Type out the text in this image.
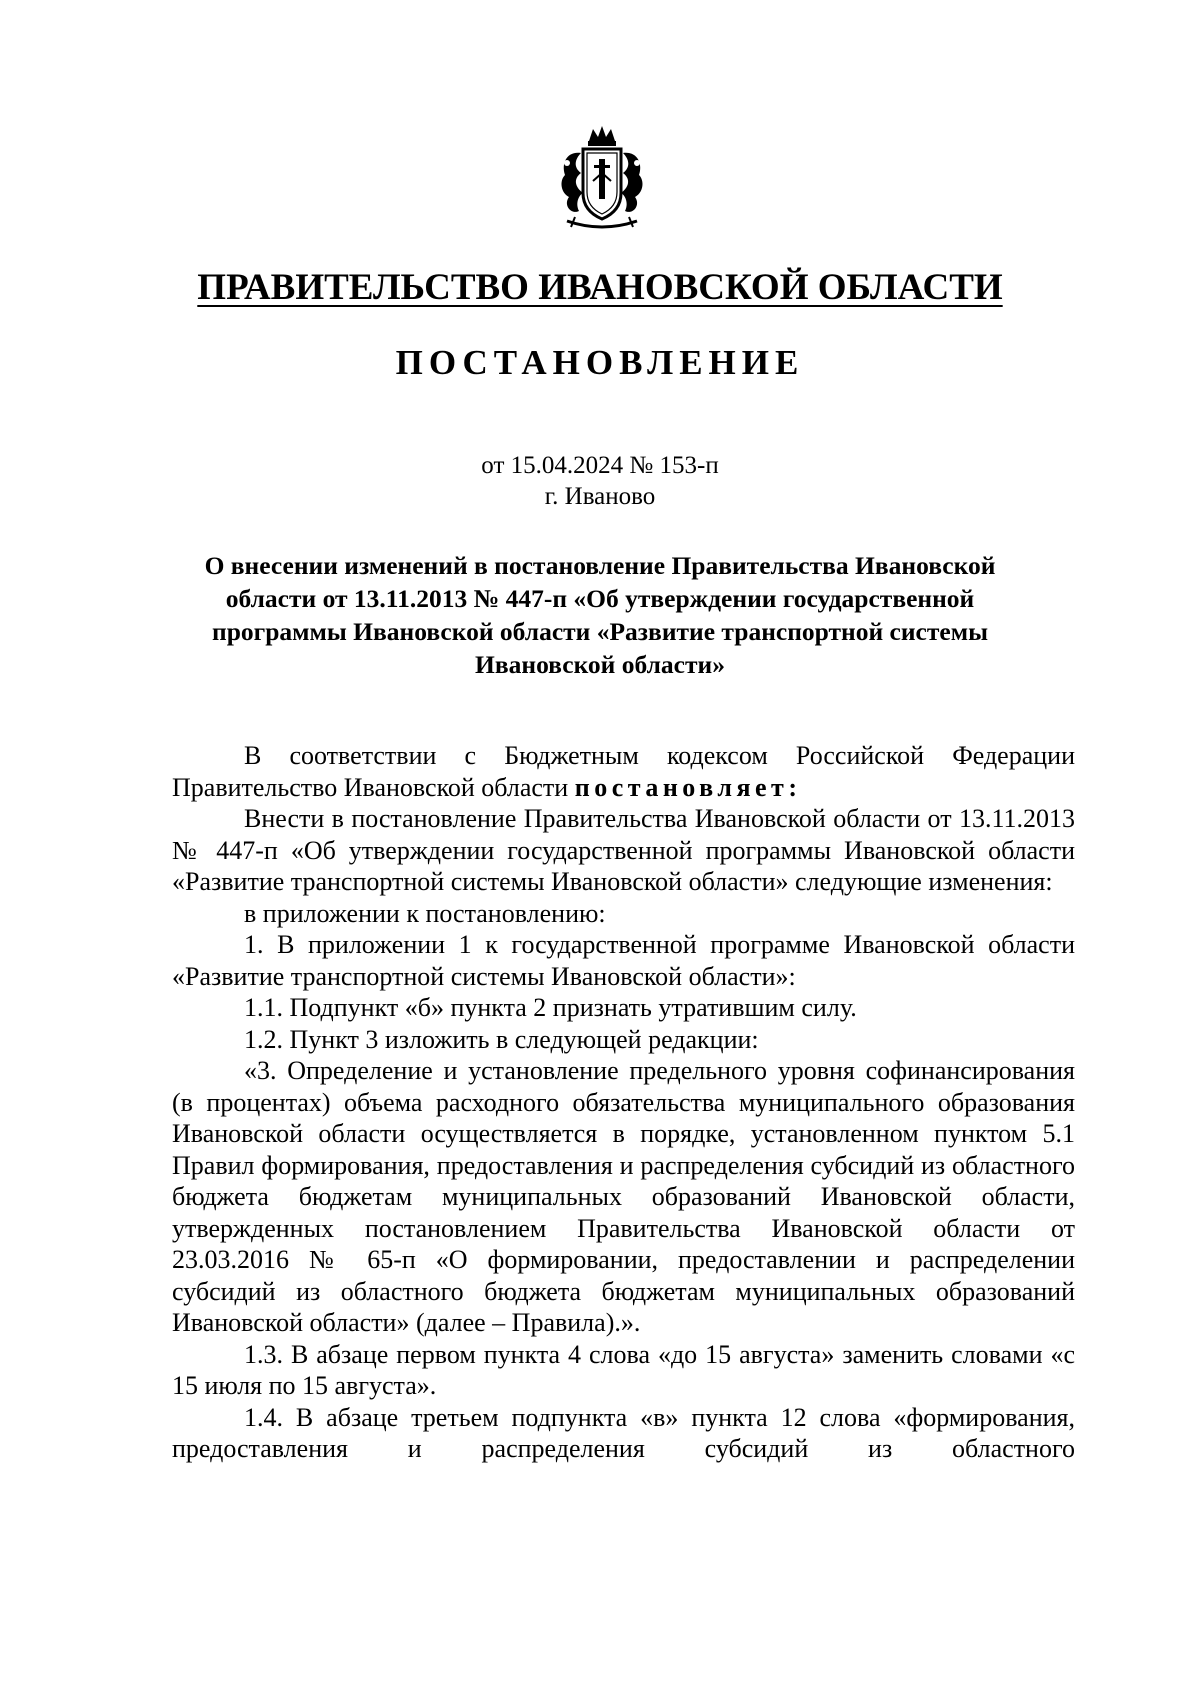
ПРАВИТЕЛЬСТВО ИВАНОВСКОЙ ОБЛАСТИ
ПОСТАНОВЛЕНИЕ
от 15.04.2024 № 153-п
г. Иваново
О внесении изменений в постановление Правительства Ивановской области от 13.11.2013 № 447-п «Об утверждении государственной программы Ивановской области «Развитие транспортной системы Ивановской области»

В соответствии с Бюджетным кодексом Российской Федерации Правительство Ивановской области постановляет:

Внести в постановление Правительства Ивановской области от 13.11.2013 № 447-п «Об утверждении государственной программы Ивановской области «Развитие транспортной системы Ивановской области» следующие изменения:

в приложении к постановлению:

1. В приложении 1 к государственной программе Ивановской области «Развитие транспортной системы Ивановской области»:

1.1. Подпункт «б» пункта 2 признать утратившим силу.

1.2. Пункт 3 изложить в следующей редакции:

«3. Определение и установление предельного уровня софинансирования (в процентах) объема расходного обязательства муниципального образования Ивановской области осуществляется в порядке, установленном пунктом 5.1 Правил формирования, предоставления и распределения субсидий из областного бюджета бюджетам муниципальных образований Ивановской области, утвержденных постановлением Правительства Ивановской области от 23.03.2016 № 65-п «О формировании, предоставлении и распределении субсидий из областного бюджета бюджетам муниципальных образований Ивановской области» (далее – Правила).».

1.3. В абзаце первом пункта 4 слова «до 15 августа» заменить словами «с 15 июля по 15 августа».

1.4. В абзаце третьем подпункта «в» пункта 12 слова «формирования, предоставления и распределения субсидий из областного
